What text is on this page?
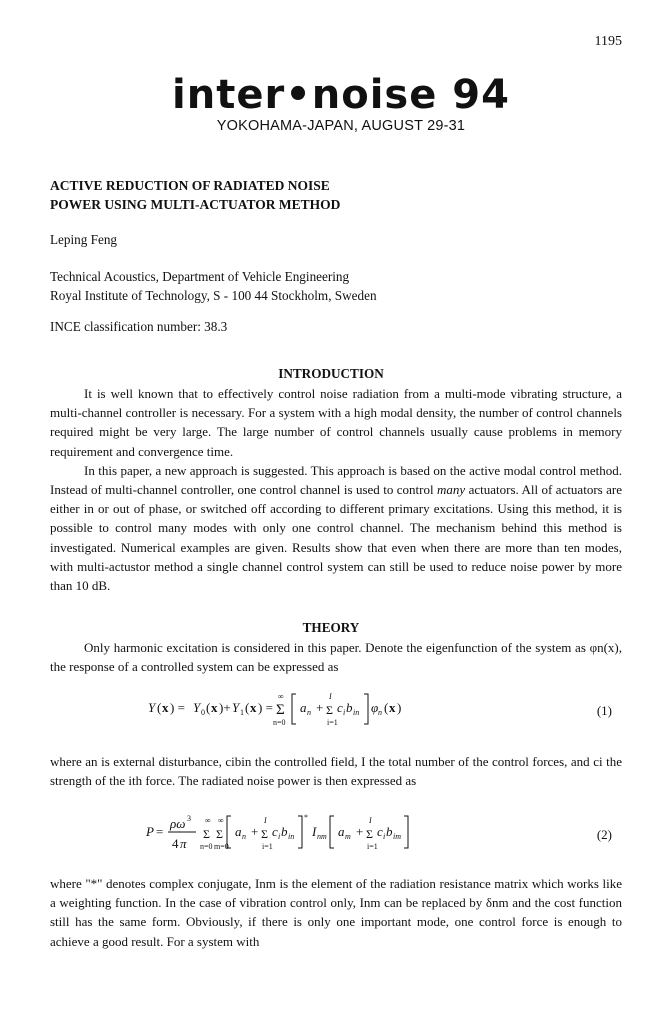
1195
inter•noise 94
YOKOHAMA-JAPAN, AUGUST 29-31
ACTIVE REDUCTION OF RADIATED NOISE
POWER USING MULTI-ACTUATOR METHOD
Leping Feng
Technical Acoustics, Department of Vehicle Engineering
Royal Institute of Technology, S - 100 44 Stockholm, Sweden
INCE classification number: 38.3
INTRODUCTION

It is well known that to effectively control noise radiation from a multi-mode vibrating structure, a multi-channel controller is necessary. For a system with a high modal density, the number of control channels required might be very large. The large number of control channels usually cause problems in memory requirement and convergence time.

In this paper, a new approach is suggested. This approach is based on the active modal control method. Instead of multi-channel controller, one control channel is used to control many actuators. All of actuators are either in or out of phase, or switched off according to different primary excitations. Using this method, it is possible to control many modes with only one control channel. The mechanism behind this method is investigated. Numerical examples are given. Results show that even when there are more than ten modes, with multi-actustor method a single channel control system can still be used to reduce noise power by more than 10 dB.

THEORY

Only harmonic excitation is considered in this paper. Denote the eigenfunction of the system as φn(x), the response of a controlled system can be expressed as

Y ( x ) = Y 0 ( x )+ Y 1 ( x ) =
∞
Σ
n=0
a n +
I
Σ
i=1
c i b in φ n ( x )	(1)

where an is external disturbance, cibin the controlled field, I the total number of the control forces, and ci the strength of the ith force. The radiated noise power is then expressed as

P =
ρω 3
4 π
∞
Σ
n=0
∞
Σ
m=0
a n +
I
Σ
i=1
c i b in
*
I nm a m +
I
Σ
i=1
c i b im	(2)

where "*" denotes complex conjugate, Inm is the element of the radiation resistance matrix which works like a weighting function. In the case of vibration control only, Inm can be replaced by δnm and the cost function still has the same form. Obviously, if there is only one important mode, one control force is enough to achieve a good result. For a system with
